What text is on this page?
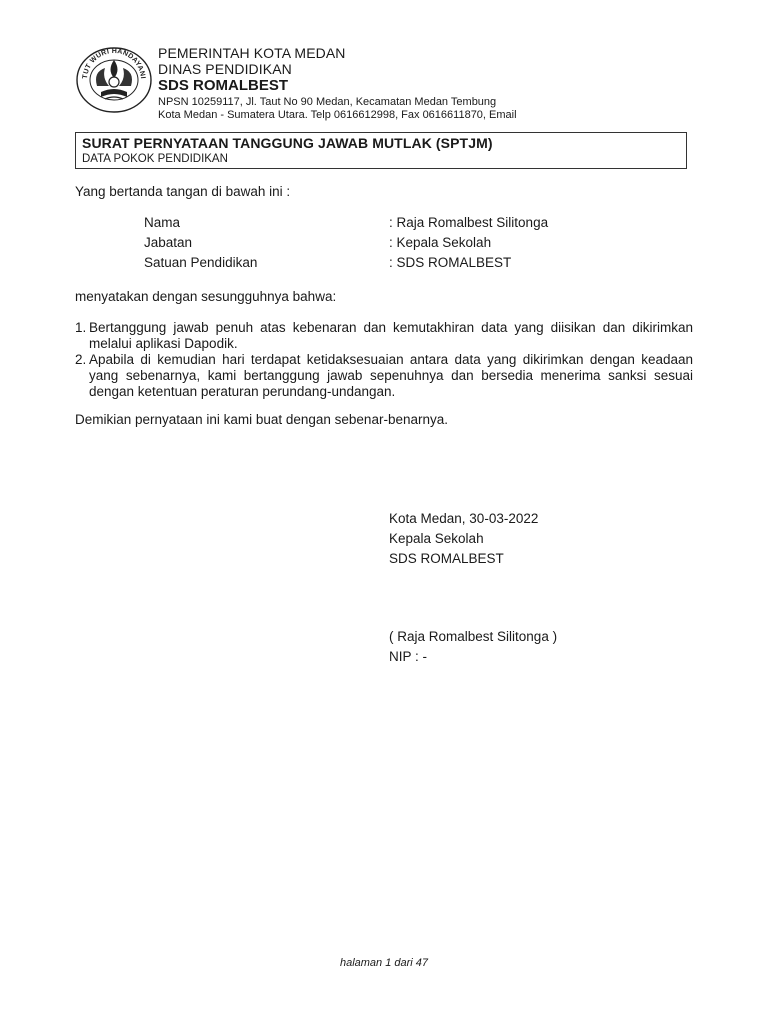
TUT WURI HANDAYANI
PEMERINTAH KOTA MEDAN
DINAS PENDIDIKAN
SDS ROMALBEST
NPSN 10259117, Jl. Taut No 90 Medan, Kecamatan Medan Tembung
Kota Medan - Sumatera Utara. Telp 0616612998, Fax 0616611870, Email
SURAT PERNYATAAN TANGGUNG JAWAB MUTLAK (SPTJM)
DATA POKOK PENDIDIKAN
Yang bertanda tangan di bawah ini :
Nama	: Raja Romalbest Silitonga
Jabatan	: Kepala Sekolah
Satuan Pendidikan	: SDS ROMALBEST
menyatakan dengan sesungguhnya bahwa:
1. Bertanggung jawab penuh atas kebenaran dan kemutakhiran data yang diisikan dan dikirimkan melalui aplikasi Dapodik.
2. Apabila di kemudian hari terdapat ketidaksesuaian antara data yang dikirimkan dengan keadaan yang sebenarnya, kami bertanggung jawab sepenuhnya dan bersedia menerima sanksi sesuai dengan ketentuan peraturan perundang-undangan.
Demikian pernyataan ini kami buat dengan sebenar-benarnya.
Kota Medan, 30-03-2022
Kepala Sekolah
SDS ROMALBEST
( Raja Romalbest Silitonga )
NIP : -
halaman 1 dari 47
